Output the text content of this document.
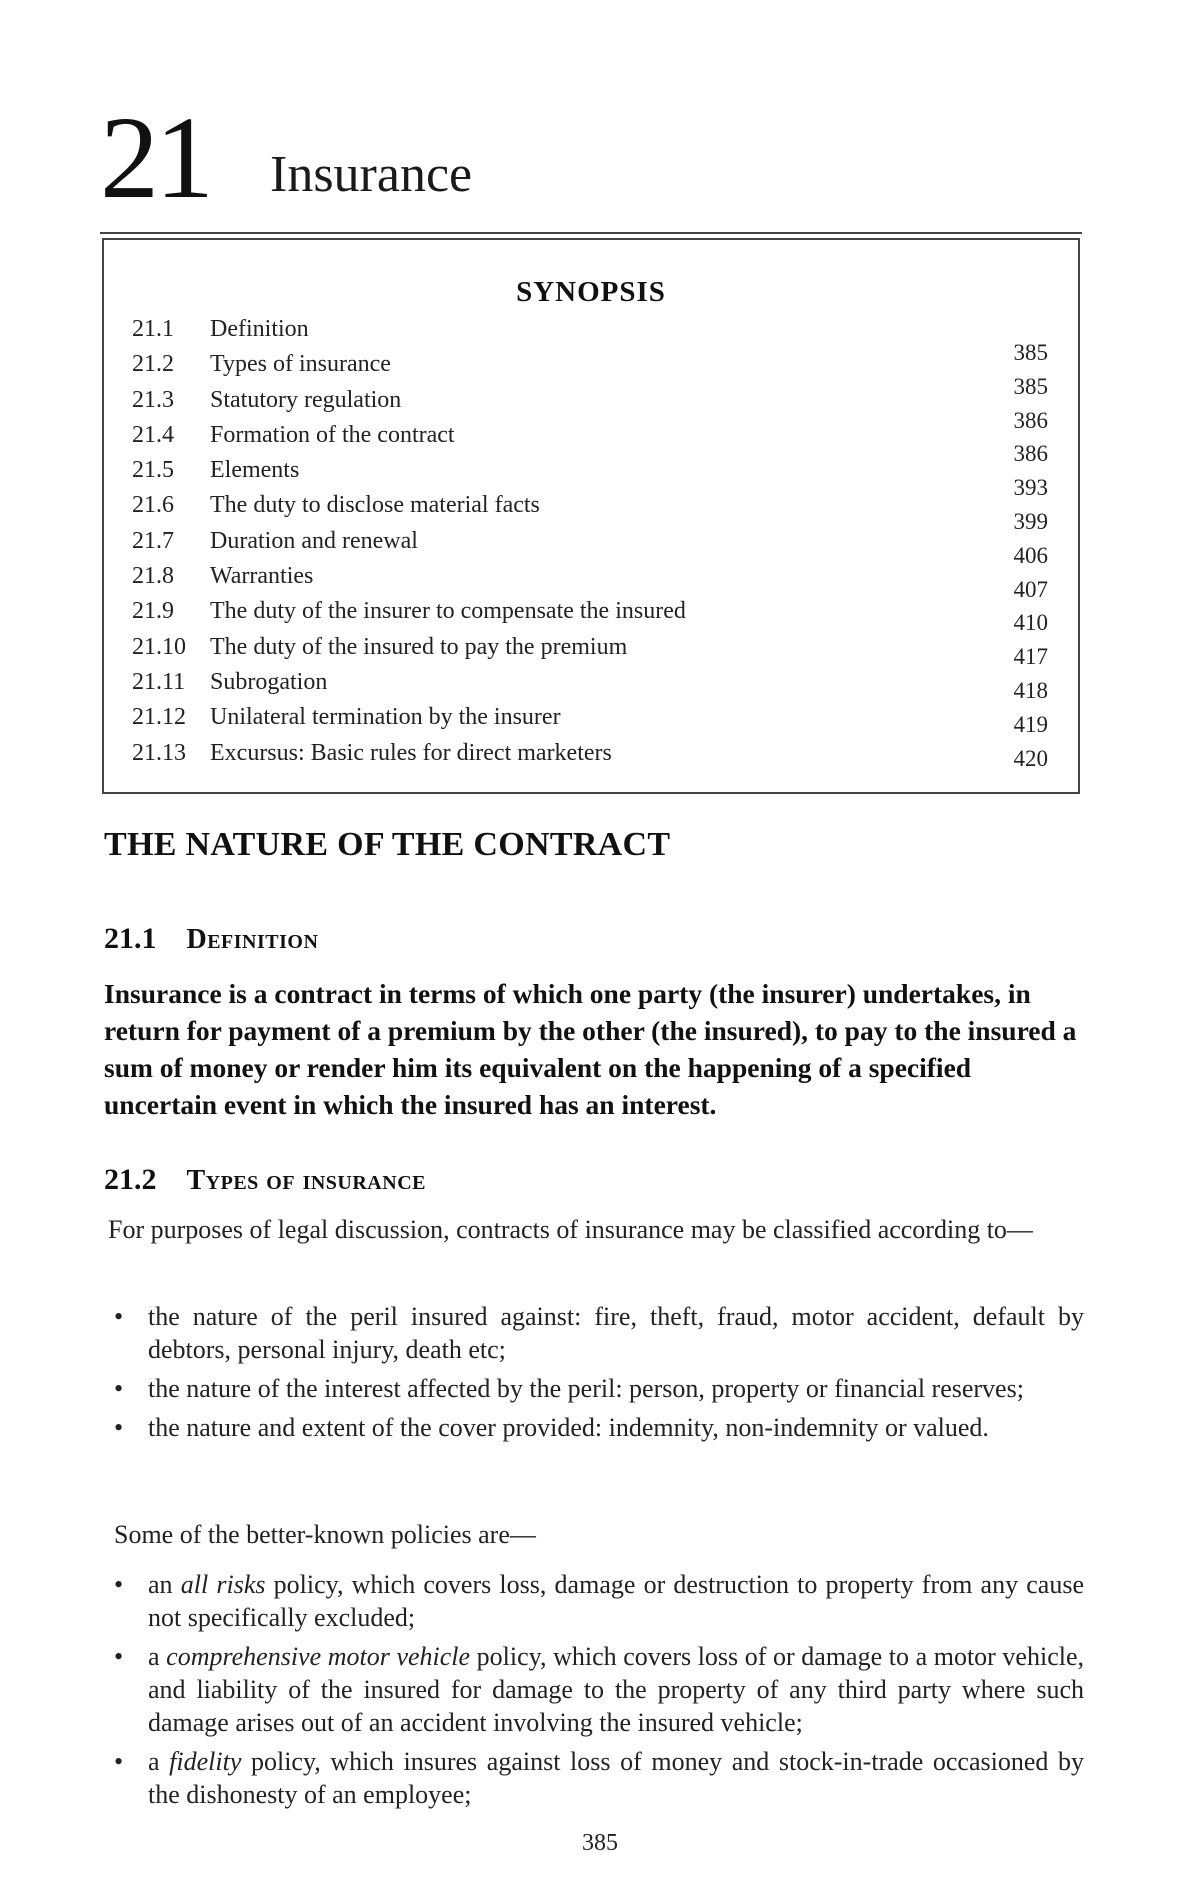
21 Insurance
SYNOPSIS
21.1 Definition
21.2 Types of insurance
21.3 Statutory regulation
21.4 Formation of the contract
21.5 Elements
21.6 The duty to disclose material facts
21.7 Duration and renewal
21.8 Warranties
21.9 The duty of the insurer to compensate the insured
21.10 The duty of the insured to pay the premium
21.11 Subrogation
21.12 Unilateral termination by the insurer
21.13 Excursus: Basic rules for direct marketers
385
385
386
386
393
399
406
407
410
417
418
419
420
THE NATURE OF THE CONTRACT
21.1 Definition
Insurance is a contract in terms of which one party (the insurer) undertakes, in return for payment of a premium by the other (the insured), to pay to the insured a sum of money or render him its equivalent on the happening of a specified uncertain event in which the insured has an interest.
21.2 Types of insurance
For purposes of legal discussion, contracts of insurance may be classified according to—
• the nature of the peril insured against: fire, theft, fraud, motor accident, default by debtors, personal injury, death etc;
• the nature of the interest affected by the peril: person, property or financial reserves;
• the nature and extent of the cover provided: indemnity, non-indemnity or valued.
Some of the better-known policies are—
• an all risks policy, which covers loss, damage or destruction to property from any cause not specifically excluded;
• a comprehensive motor vehicle policy, which covers loss of or damage to a motor vehicle, and liability of the insured for damage to the property of any third party where such damage arises out of an accident involving the insured vehicle;
• a fidelity policy, which insures against loss of money and stock-in-trade occasioned by the dishonesty of an employee;
385
